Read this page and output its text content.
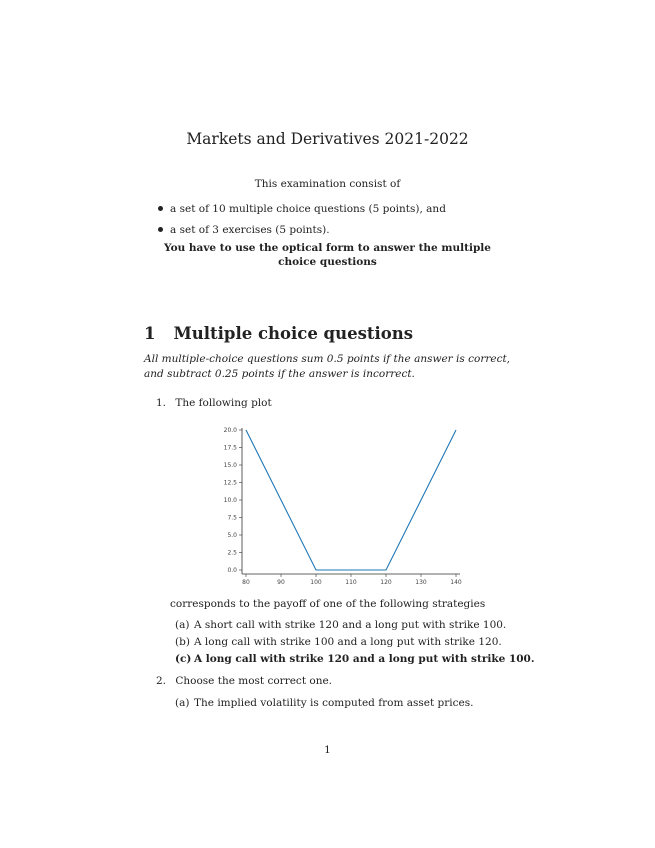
Markets and Derivatives 2021-2022
This examination consist of
a set of 10 multiple choice questions (5 points), and
a set of 3 exercises (5 points).
You have to use the optical form to answer the multiple choice questions
1 Multiple choice questions
All multiple-choice questions sum 0.5 points if the answer is correct, and subtract 0.25 points if the answer is incorrect.
1. The following plot
0.0
2.5
5.0
7.5
10.0
12.5
15.0
17.5
20.0
80	90	100	110	120	130	140
corresponds to the payoff of one of the following strategies
(a) A short call with strike 120 and a long put with strike 100.
(b) A long call with strike 100 and a long put with strike 120.
(c) A long call with strike 120 and a long put with strike 100.
2. Choose the most correct one.
(a) The implied volatility is computed from asset prices.
1
